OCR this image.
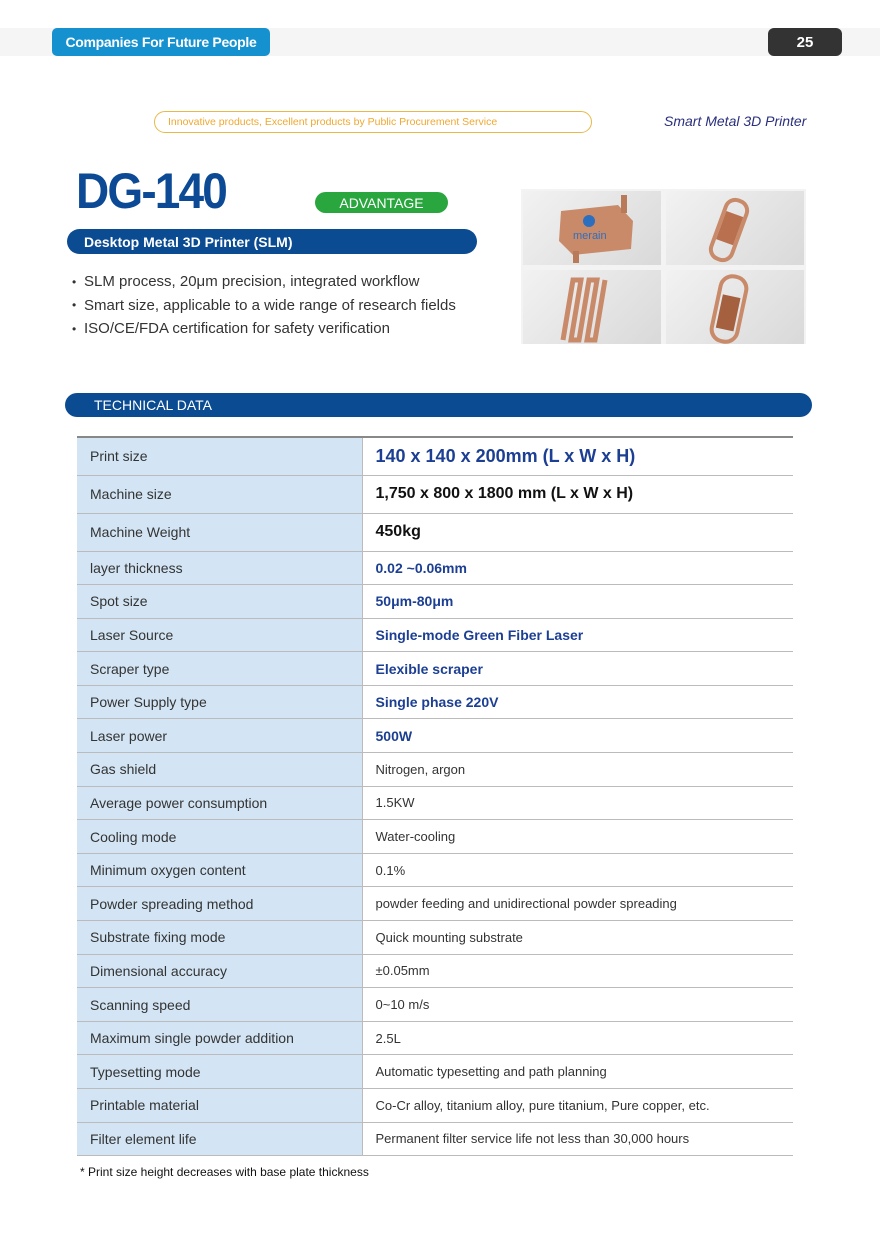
Companies For Future People	25
Innovative products, Excellent products by Public Procurement Service	Smart Metal 3D Printer
DG-140	ADVANTAGE
Desktop Metal 3D Printer (SLM)
• SLM process, 20μm precision, integrated workflow
• Smart size, applicable to a wide range of research fields
• ISO/CE/FDA certification for safety verification
merain
TECHNICAL DATA
Print size	140 x 140 x 200mm (L x W x H)
Machine size	1,750 x 800 x 1800 mm (L x W x H)
Machine Weight	450kg
layer thickness	0.02 ~0.06mm
Spot size	50μm-80μm
Laser Source	Single-mode Green Fiber Laser
Scraper type	Elexible scraper
Power Supply type	Single phase 220V
Laser power	500W
Gas shield	Nitrogen, argon
Average power consumption	1.5KW
Cooling mode	Water-cooling
Minimum oxygen content	0.1%
Powder spreading method	powder feeding and unidirectional powder spreading
Substrate fixing mode	Quick mounting substrate
Dimensional accuracy	±0.05mm
Scanning speed	0~10 m/s
Maximum single powder addition	2.5L
Typesetting mode	Automatic typesetting and path planning
Printable material	Co-Cr alloy, titanium alloy, pure titanium, Pure copper, etc.
Filter element life	Permanent filter service life not less than 30,000 hours
* Print size height decreases with base plate thickness
